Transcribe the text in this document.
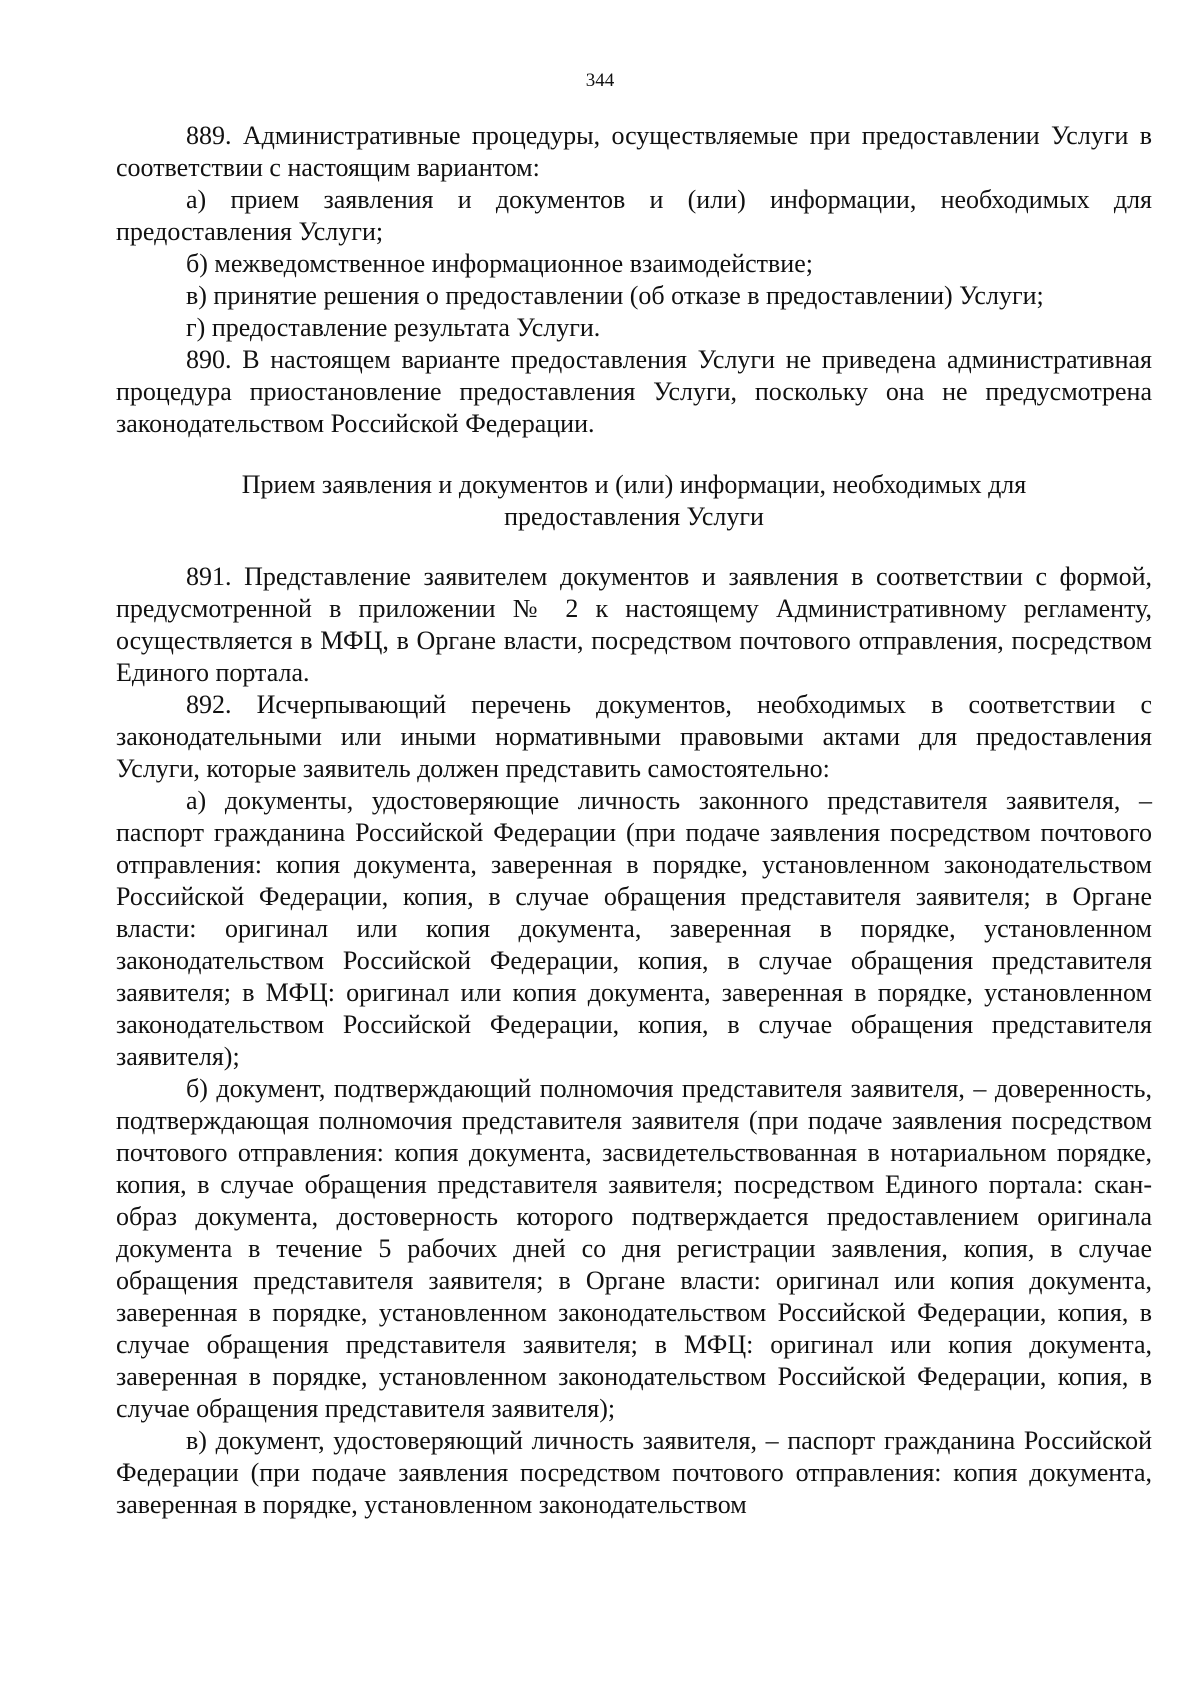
344

889. Административные процедуры, осуществляемые при предоставлении Услуги в соответствии с настоящим вариантом:

а) прием заявления и документов и (или) информации, необходимых для предоставления Услуги;

б) межведомственное информационное взаимодействие;

в) принятие решения о предоставлении (об отказе в предоставлении) Услуги;

г) предоставление результата Услуги.

890. В настоящем варианте предоставления Услуги не приведена административная процедура приостановление предоставления Услуги, поскольку она не предусмотрена законодательством Российской Федерации.

Прием заявления и документов и (или) информации, необходимых для предоставления Услуги

891. Представление заявителем документов и заявления в соответствии с формой, предусмотренной в приложении № 2 к настоящему Административному регламенту, осуществляется в МФЦ, в Органе власти, посредством почтового отправления, посредством Единого портала.

892. Исчерпывающий перечень документов, необходимых в соответствии с законодательными или иными нормативными правовыми актами для предоставления Услуги, которые заявитель должен представить самостоятельно:

а) документы, удостоверяющие личность законного представителя заявителя, – паспорт гражданина Российской Федерации (при подаче заявления посредством почтового отправления: копия документа, заверенная в порядке, установленном законодательством Российской Федерации, копия, в случае обращения представителя заявителя; в Органе власти: оригинал или копия документа, заверенная в порядке, установленном законодательством Российской Федерации, копия, в случае обращения представителя заявителя; в МФЦ: оригинал или копия документа, заверенная в порядке, установленном законодательством Российской Федерации, копия, в случае обращения представителя заявителя);

б) документ, подтверждающий полномочия представителя заявителя, – доверенность, подтверждающая полномочия представителя заявителя (при подаче заявления посредством почтового отправления: копия документа, засвидетельствованная в нотариальном порядке, копия, в случае обращения представителя заявителя; посредством Единого портала: скан-образ документа, достоверность которого подтверждается предоставлением оригинала документа в течение 5 рабочих дней со дня регистрации заявления, копия, в случае обращения представителя заявителя; в Органе власти: оригинал или копия документа, заверенная в порядке, установленном законодательством Российской Федерации, копия, в случае обращения представителя заявителя; в МФЦ: оригинал или копия документа, заверенная в порядке, установленном законодательством Российской Федерации, копия, в случае обращения представителя заявителя);

в) документ, удостоверяющий личность заявителя, – паспорт гражданина Российской Федерации (при подаче заявления посредством почтового отправления: копия документа, заверенная в порядке, установленном законодательством
